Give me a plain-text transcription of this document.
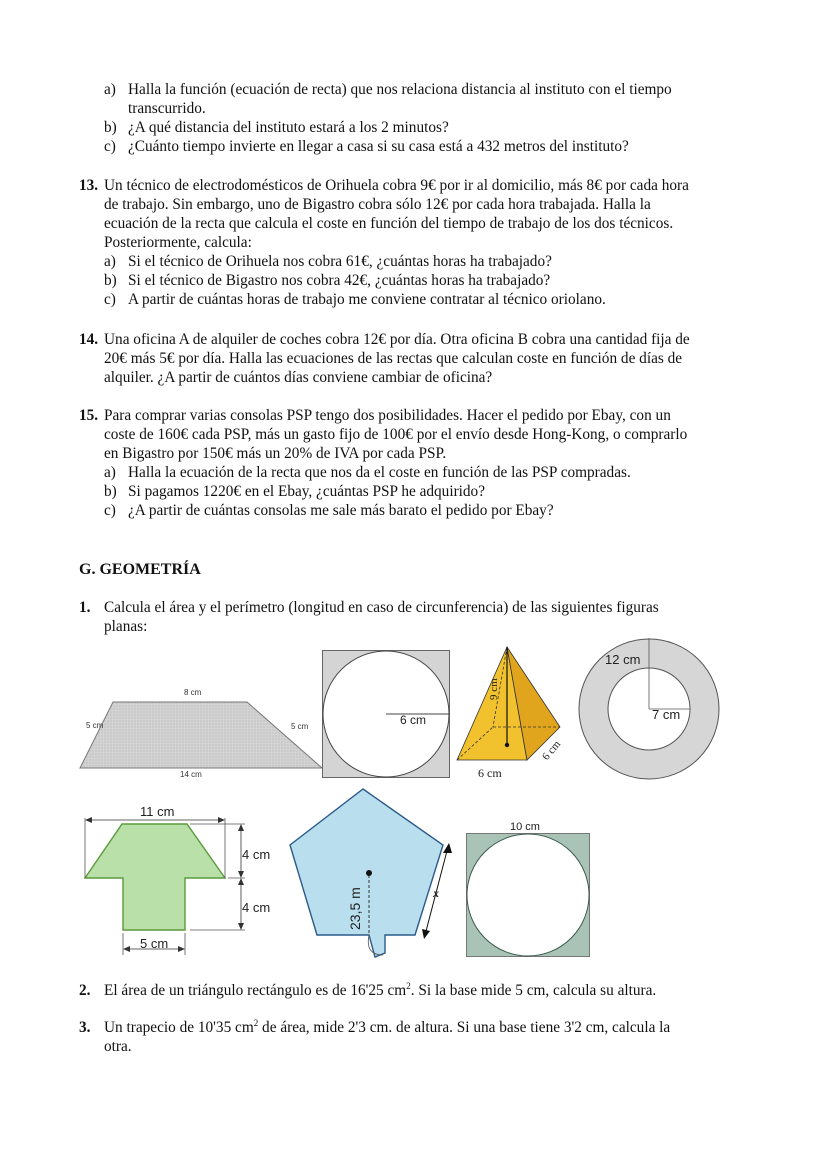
a) Halla la función (ecuación de recta) que nos relaciona distancia al instituto con el tiempo
transcurrido.
b) ¿A qué distancia del instituto estará a los 2 minutos?
c) ¿Cuánto tiempo invierte en llegar a casa si su casa está a 432 metros del instituto?
13. Un técnico de electrodomésticos de Orihuela cobra 9€ por ir al domicilio, más 8€ por cada hora
de trabajo. Sin embargo, uno de Bigastro cobra sólo 12€ por cada hora trabajada. Halla la
ecuación de la recta que calcula el coste en función del tiempo de trabajo de los dos técnicos.
Posteriormente, calcula:
a) Si el técnico de Orihuela nos cobra 61€, ¿cuántas horas ha trabajado?
b) Si el técnico de Bigastro nos cobra 42€, ¿cuántas horas ha trabajado?
c) A partir de cuántas horas de trabajo me conviene contratar al técnico oriolano.
14. Una oficina A de alquiler de coches cobra 12€ por día. Otra oficina B cobra una cantidad fija de
20€ más 5€ por día. Halla las ecuaciones de las rectas que calculan coste en función de días de
alquiler. ¿A partir de cuántos días conviene cambiar de oficina?
15. Para comprar varias consolas PSP tengo dos posibilidades. Hacer el pedido por Ebay, con un
coste de 160€ cada PSP, más un gasto fijo de 100€ por el envío desde Hong-Kong, o comprarlo
en Bigastro por 150€ más un 20% de IVA por cada PSP.
a) Halla la ecuación de la recta que nos da el coste en función de las PSP compradas.
b) Si pagamos 1220€ en el Ebay, ¿cuántas PSP he adquirido?
c) ¿A partir de cuántas consolas me sale más barato el pedido por Ebay?
G. GEOMETRÍA
1. Calcula el área y el perímetro (longitud en caso de circunferencia) de las siguientes figuras
planas:
8 cm
5 cm	5 cm
14 cm
6 cm
9 cm
6 cm
6 cm
12 cm
7 cm
11 cm
4 cm
4 cm
5 cm
23,5 m	x
10 cm
2. El área de un triángulo rectángulo es de 16'25 $cm^2$. Si la base mide 5 cm, calcula su altura.
3. Un trapecio de 10'35 $cm^2$ de área, mide 2'3 cm. de altura. Si una base tiene 3'2 cm, calcula la
otra.
